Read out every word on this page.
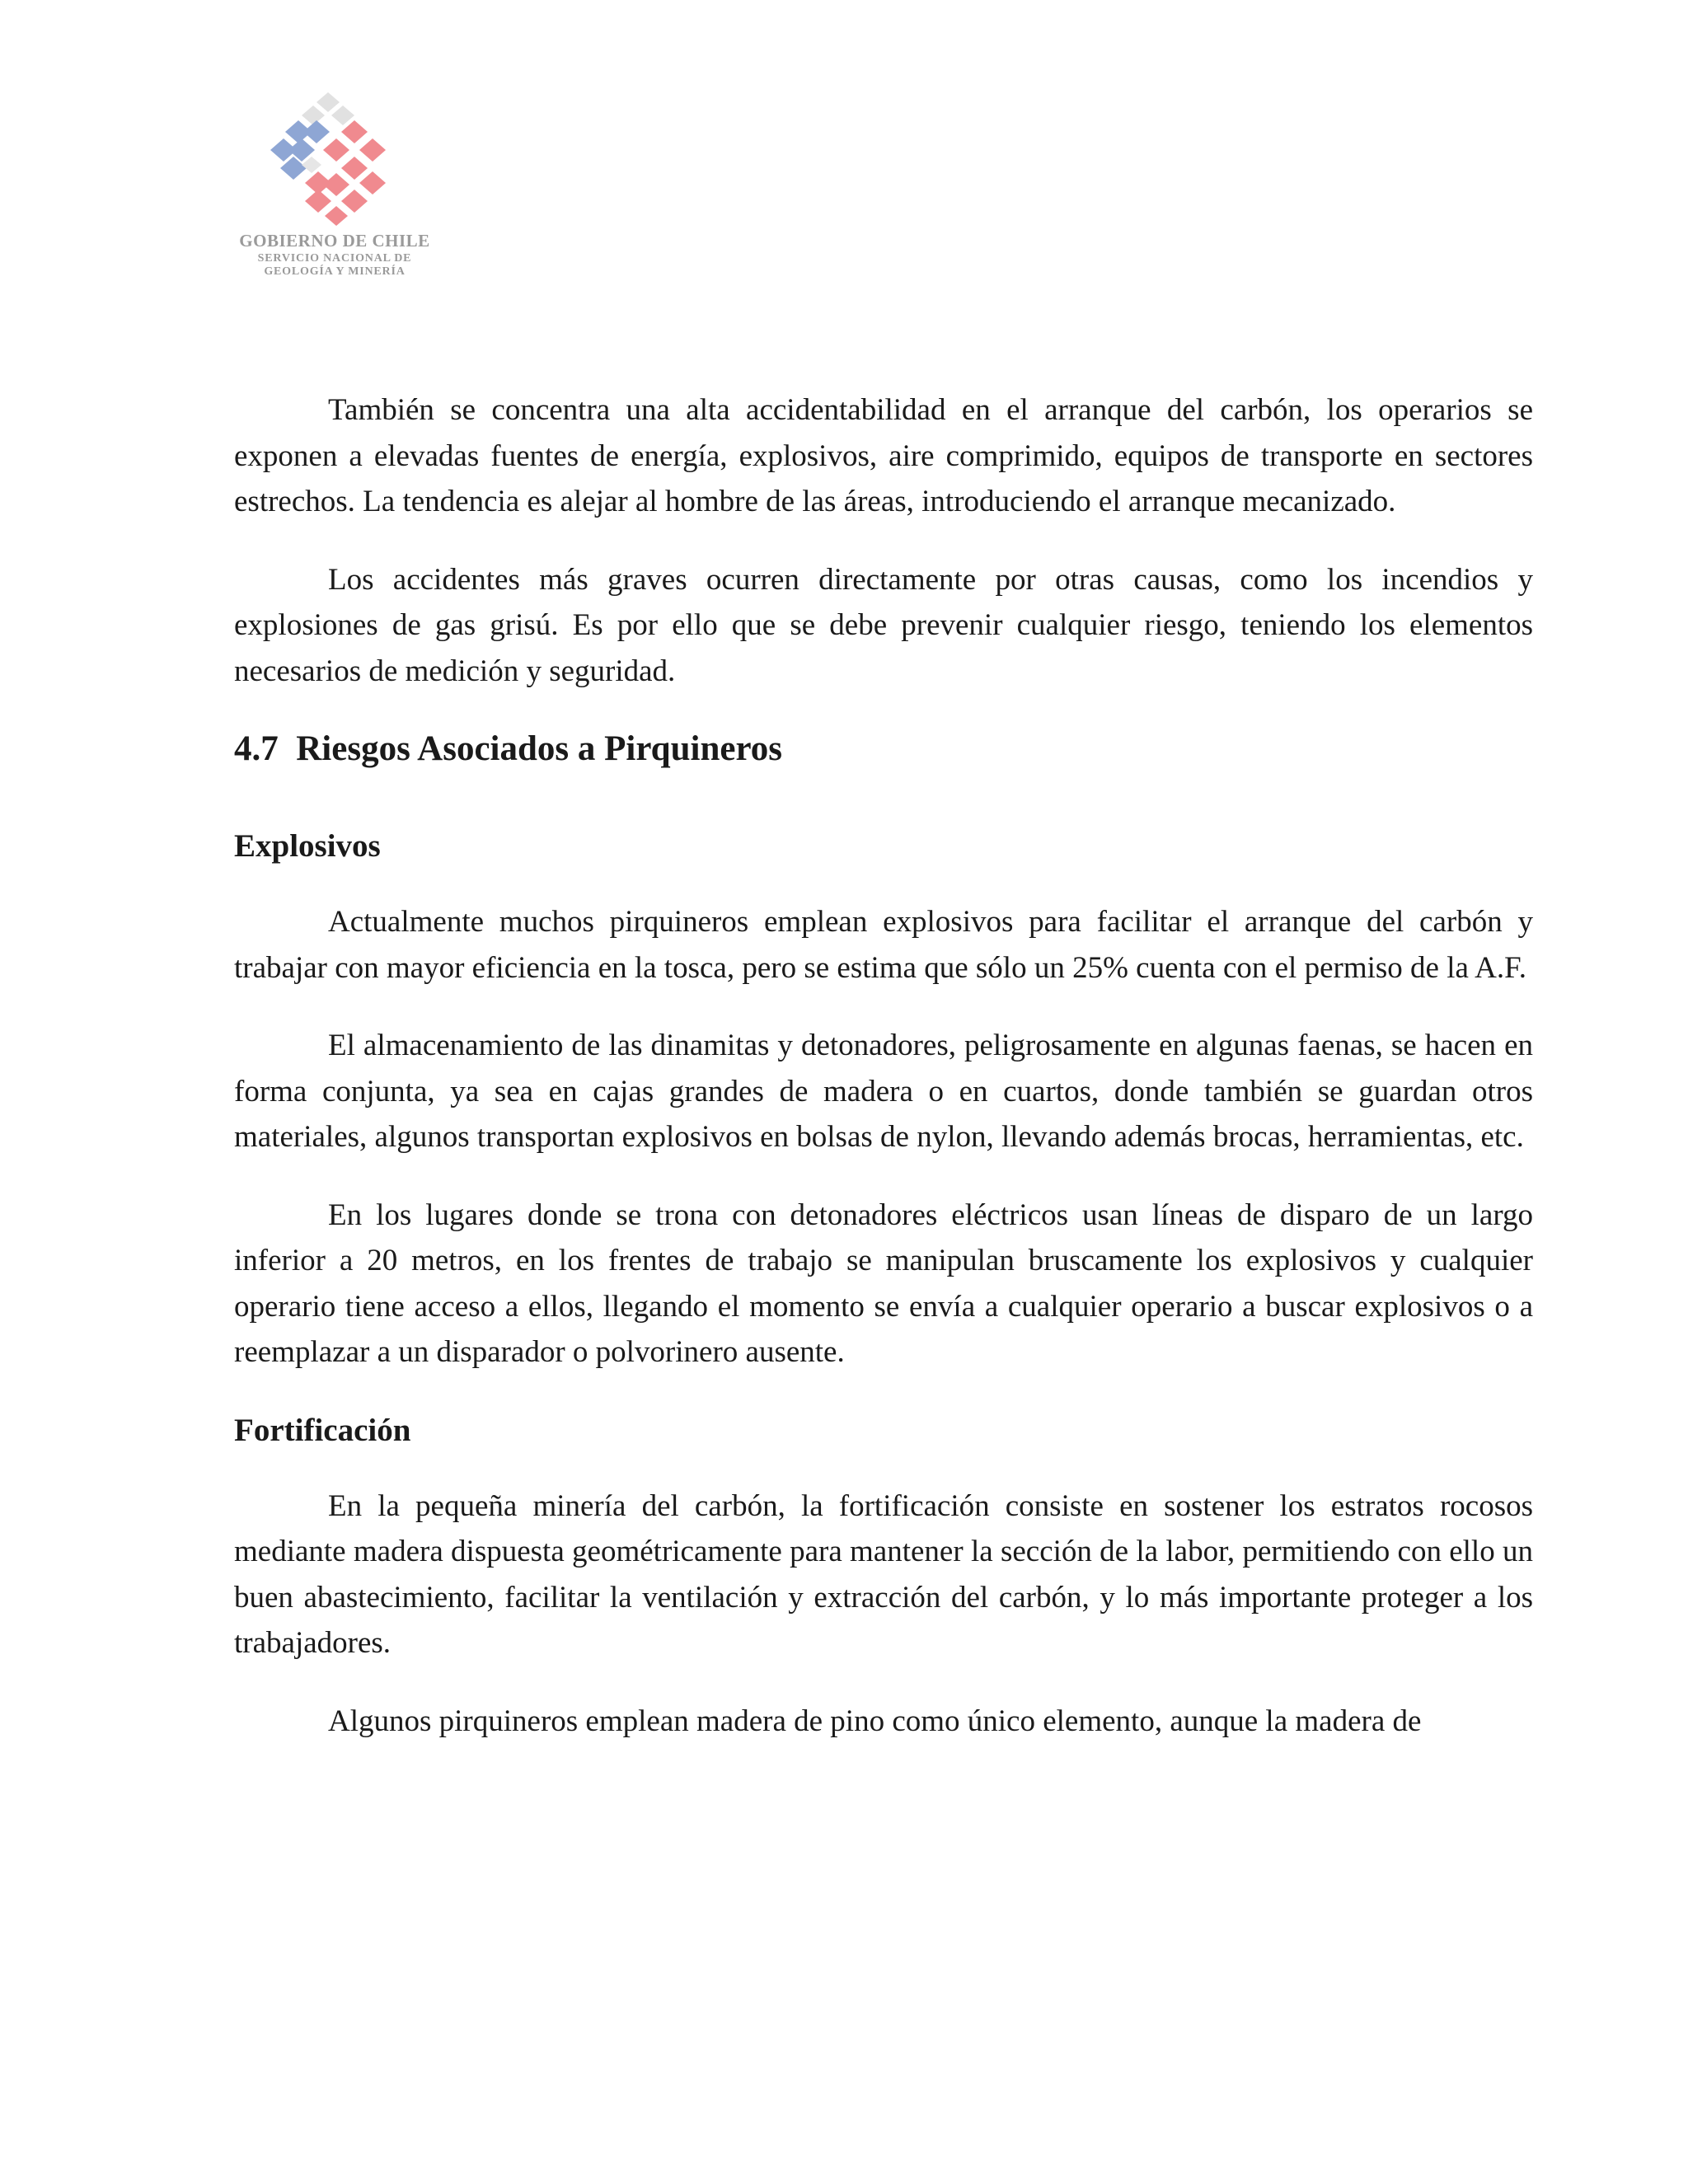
GOBIERNO DE CHILE
SERVICIO NACIONAL DE
GEOLOGÍA Y MINERÍA

También se concentra una alta accidentabilidad en el arranque del carbón, los operarios se exponen a elevadas fuentes de energía, explosivos, aire comprimido, equipos de transporte en sectores estrechos. La tendencia es alejar al hombre de las áreas, introduciendo el arranque mecanizado.

Los accidentes más graves ocurren directamente por otras causas, como los incendios y explosiones de gas grisú. Es por ello que se debe prevenir cualquier riesgo, teniendo los elementos necesarios de medición y seguridad.

4.7  Riesgos Asociados a Pirquineros
Explosivos

Actualmente muchos pirquineros emplean explosivos para facilitar el arranque del carbón y trabajar con mayor eficiencia en la tosca, pero se estima que sólo un 25% cuenta con el permiso de la A.F.

El almacenamiento de las dinamitas y detonadores, peligrosamente en algunas faenas, se hacen en forma conjunta, ya sea en cajas grandes de madera o en cuartos, donde también se guardan otros materiales, algunos transportan explosivos en bolsas de nylon, llevando además brocas, herramientas, etc.

En los lugares donde se trona con detonadores eléctricos usan líneas de disparo de un largo inferior a 20 metros, en los frentes de trabajo se manipulan bruscamente los explosivos y cualquier operario tiene acceso a ellos, llegando el momento se envía a cualquier operario a buscar explosivos o a reemplazar a un disparador o polvorinero ausente.

Fortificación

En la pequeña minería del carbón, la fortificación consiste en sostener los estratos rocosos mediante madera dispuesta geométricamente para mantener la sección de la labor, permitiendo con ello un buen abastecimiento, facilitar la ventilación y extracción del carbón, y lo más importante proteger a los trabajadores.

Algunos pirquineros emplean madera de pino como único elemento, aunque la madera de
